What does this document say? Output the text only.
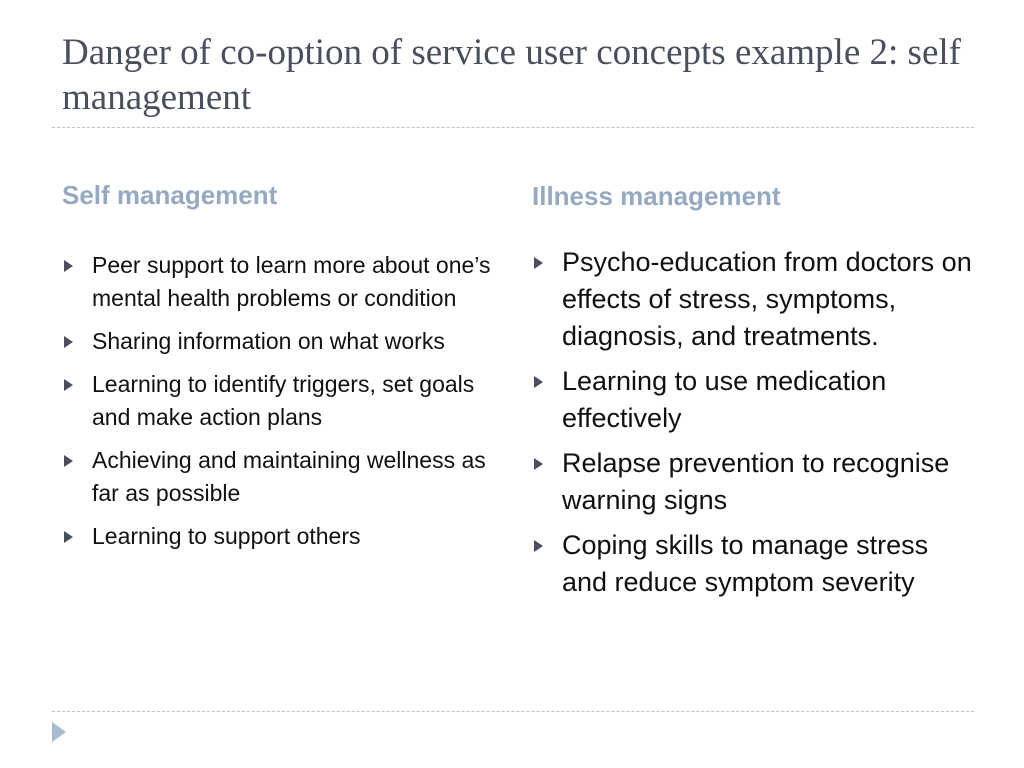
Danger of co-option of service user concepts example 2: self management
Self management	Illness management
Peer support to learn more about one’s mental health problems or condition
Sharing information on what works
Learning to identify triggers, set goals and make action plans
Achieving and maintaining wellness as far as possible
Learning to support others
Psycho-education from doctors on effects of stress, symptoms, diagnosis, and treatments.
Learning to use medication effectively
Relapse prevention to recognise warning signs
Coping skills to manage stress and reduce symptom severity
